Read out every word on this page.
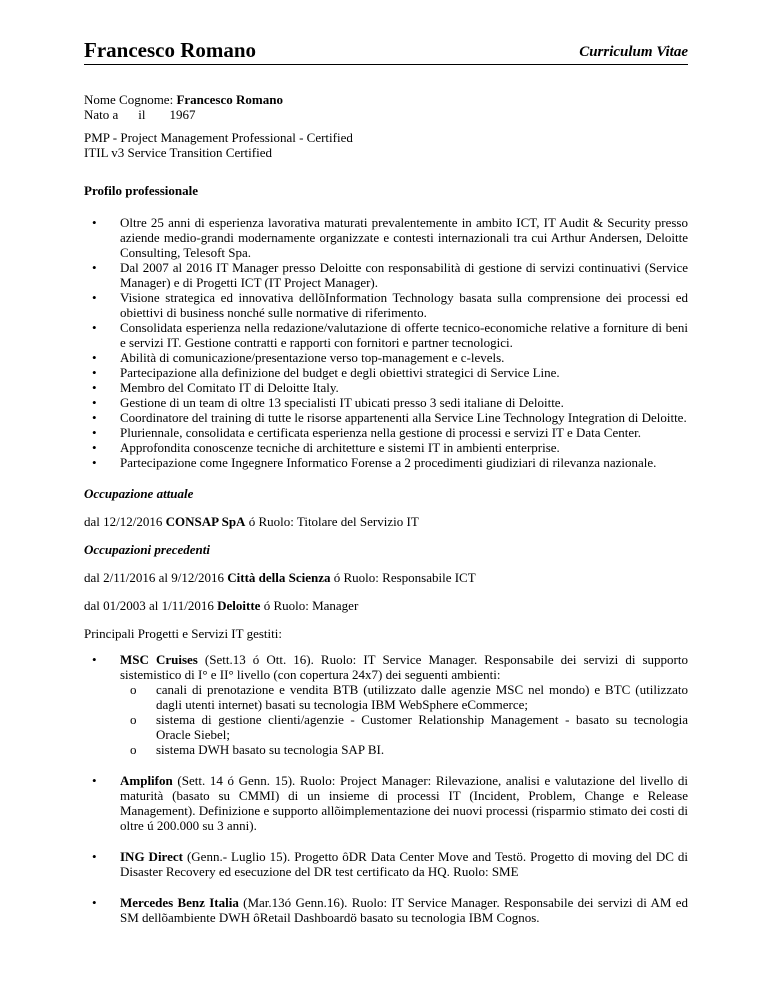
Francesco Romano	Curriculum Vitae
Nome Cognome: Francesco Romano
Nato a il 1967
PMP - Project Management Professional - Certified
ITIL v3 Service Transition Certified
Profilo professionale
• Oltre 25 anni di esperienza lavorativa maturati prevalentemente in ambito ICT, IT Audit & Security presso aziende medio-grandi modernamente organizzate e contesti internazionali tra cui Arthur Andersen, Deloitte Consulting, Telesoft Spa.
• Dal 2007 al 2016 IT Manager presso Deloitte con responsabilità di gestione di servizi continuativi (Service Manager) e di Progetti ICT (IT Project Manager).
• Visione strategica ed innovativa dellõInformation Technology basata sulla comprensione dei processi ed obiettivi di business nonché sulle normative di riferimento.
• Consolidata esperienza nella redazione/valutazione di offerte tecnico-economiche relative a forniture di beni e servizi IT. Gestione contratti e rapporti con fornitori e partner tecnologici.
• Abilità di comunicazione/presentazione verso top-management e c-levels.
• Partecipazione alla definizione del budget e degli obiettivi strategici di Service Line.
• Membro del Comitato IT di Deloitte Italy.
• Gestione di un team di oltre 13 specialisti IT ubicati presso 3 sedi italiane di Deloitte.
• Coordinatore del training di tutte le risorse appartenenti alla Service Line Technology Integration di Deloitte.
• Pluriennale, consolidata e certificata esperienza nella gestione di processi e servizi IT e Data Center.
• Approfondita conoscenze tecniche di architetture e sistemi IT in ambienti enterprise.
• Partecipazione come Ingegnere Informatico Forense a 2 procedimenti giudiziari di rilevanza nazionale.
Occupazione attuale
dal 12/12/2016 CONSAP SpA ó Ruolo: Titolare del Servizio IT
Occupazioni precedenti
dal 2/11/2016 al 9/12/2016 Città della Scienza ó Ruolo: Responsabile ICT
dal 01/2003 al 1/11/2016 Deloitte ó Ruolo: Manager
Principali Progetti e Servizi IT gestiti:
• MSC Cruises (Sett.13 ó Ott. 16). Ruolo: IT Service Manager. Responsabile dei servizi di supporto sistemistico di I° e II° livello (con copertura 24x7) dei seguenti ambienti:
o canali di prenotazione e vendita BTB (utilizzato dalle agenzie MSC nel mondo) e BTC (utilizzato dagli utenti internet) basati su tecnologia IBM WebSphere eCommerce;
o sistema di gestione clienti/agenzie - Customer Relationship Management - basato su tecnologia Oracle Siebel;
o sistema DWH basato su tecnologia SAP BI.
• Amplifon (Sett. 14 ó Genn. 15). Ruolo: Project Manager: Rilevazione, analisi e valutazione del livello di maturità (basato su CMMI) di un insieme di processi IT (Incident, Problem, Change e Release Management). Definizione e supporto allõimplementazione dei nuovi processi (risparmio stimato dei costi di oltre ú 200.000 su 3 anni).
• ING Direct (Genn.- Luglio 15). Progetto ôDR Data Center Move and Testö. Progetto di moving del DC di Disaster Recovery ed esecuzione del DR test certificato da HQ. Ruolo: SME
• Mercedes Benz Italia (Mar.13ó Genn.16). Ruolo: IT Service Manager. Responsabile dei servizi di AM ed SM dellõambiente DWH ôRetail Dashboardö basato su tecnologia IBM Cognos.
